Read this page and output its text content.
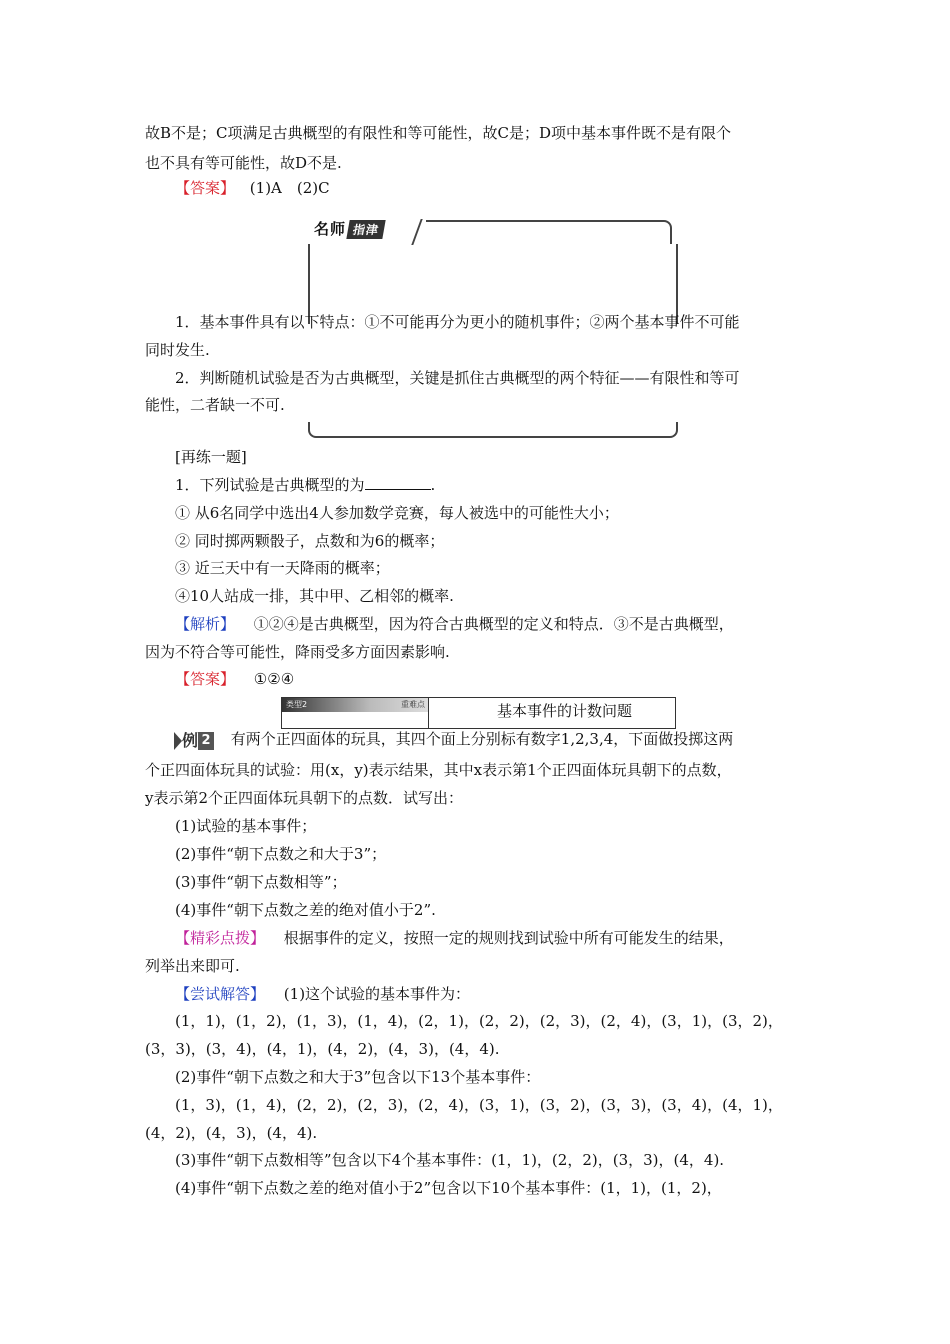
故B不是；C项满足古典概型的有限性和等可能性，故C是；D项中基本事件既不是有限个
也不具有等可能性，故D不是.
【答案】 (1)A　(2)C
名师 指津
1．基本事件具有以下特点：①不可能再分为更小的随机事件；②两个基本事件不可能
同时发生.
2．判断随机试验是否为古典概型，关键是抓住古典概型的两个特征——有限性和等可
能性，二者缺一不可.
[再练一题]
1．下列试验是古典概型的为	.
① 从6名同学中选出4人参加数学竞赛，每人被选中的可能性大小；
② 同时掷两颗骰子，点数和为6的概率；
③ 近三天中有一天降雨的概率；
④10人站成一排，其中甲、乙相邻的概率.
【解析】 ①②④是古典概型，因为符合古典概型的定义和特点．③不是古典概型，
因为不符合等可能性，降雨受多方面因素影响.
【答案】 ①②④
类型2	重难点	基本事件的计数问题
例 2 有两个正四面体的玩具，其四个面上分别标有数字1,2,3,4，下面做投掷这两
个正四面体玩具的试验：用(x，y)表示结果，其中x表示第1个正四面体玩具朝下的点数，
y表示第2个正四面体玩具朝下的点数．试写出：
(1)试验的基本事件；
(2)事件“朝下点数之和大于3”；
(3)事件“朝下点数相等”；
(4)事件“朝下点数之差的绝对值小于2”.
【精彩点拨】 根据事件的定义，按照一定的规则找到试验中所有可能发生的结果，
列举出来即可.
【尝试解答】 (1)这个试验的基本事件为：
(1，1)，(1，2)，(1，3)，(1，4)，(2，1)，(2，2)，(2，3)，(2，4)，(3，1)，(3，2)，
(3，3)，(3，4)，(4，1)，(4，2)，(4，3)，(4，4).
(2)事件“朝下点数之和大于3”包含以下13个基本事件：
(1，3)，(1，4)，(2，2)，(2，3)，(2，4)，(3，1)，(3，2)，(3，3)，(3，4)，(4，1)，
(4，2)，(4，3)，(4，4).
(3)事件“朝下点数相等”包含以下4个基本事件：(1，1)，(2，2)，(3，3)，(4，4).
(4)事件“朝下点数之差的绝对值小于2”包含以下10个基本事件：(1，1)，(1，2)，
